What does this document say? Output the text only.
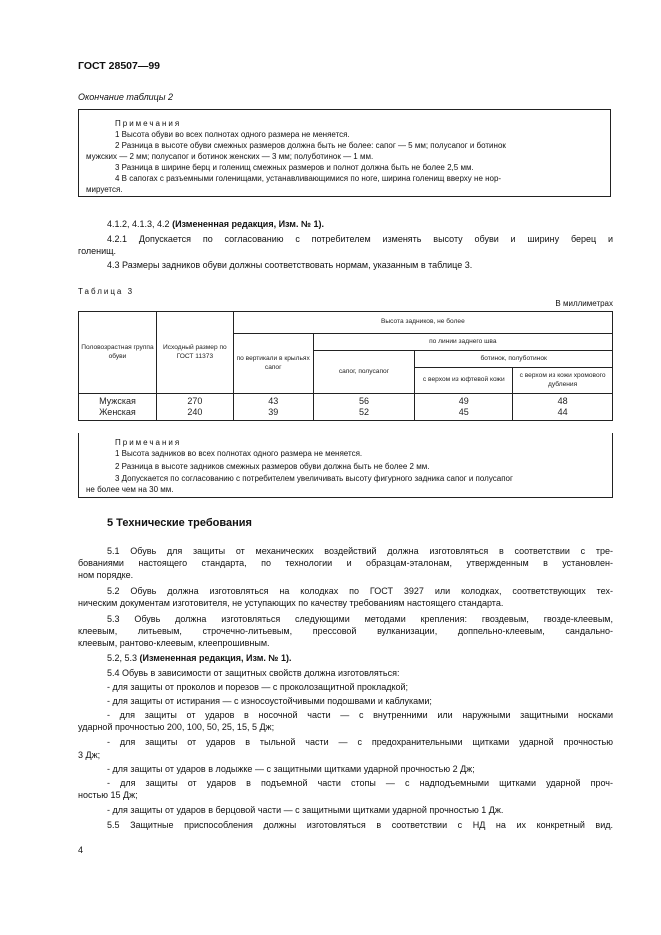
ГОСТ 28507—99
Окончание таблицы 2
Примечания
1 Высота обуви во всех полнотах одного размера не меняется.
2 Разница в высоте обуви смежных размеров должна быть не более: сапог — 5 мм; полусапог и ботинок
мужских — 2 мм; полусапог и ботинок женских — 3 мм; полуботинок — 1 мм.
3 Разница в ширине берц и голенищ смежных размеров и полнот должна быть не более 2,5 мм.
4 В сапогах с разъемными голенищами, устанавливающимися по ноге, ширина голенищ вверху не нор-
мируется.
4.1.2, 4.1.3, 4.2 (Измененная редакция, Изм. № 1).
4.2.1 Допускается по согласованию с потребителем изменять высоту обуви и ширину берец и
голенищ.
4.3 Размеры задников обуви должны соответствовать нормам, указанным в таблице 3.
Таблица 3
В миллиметрах
Половозрастная группа обуви	Исходный размер по ГОСТ 11373	Высота задников, не более			
		по вертикали в крыльях сапог	по линии заднего шва		
			сапог, полусапог	ботинок, полуботинок	
				с верхом из юфтевой кожи	с верхом из кожи хромового дубления
Мужская	270	43	56	49	48
Женская	240	39	52	45	44
Примечания
1 Высота задников во всех полнотах одного размера не меняется.
2 Разница в высоте задников смежных размеров обуви должна быть не более 2 мм.
3 Допускается по согласованию с потребителем увеличивать высоту фигурного задника сапог и полусапог
не более чем на 30 мм.
5 Технические требования
5.1 Обувь для защиты от механических воздействий должна изготовляться в соответствии с тре-
бованиями настоящего стандарта, по технологии и образцам-эталонам, утвержденным в установлен-
ном порядке.
5.2 Обувь должна изготовляться на колодках по ГОСТ 3927 или колодках, соответствующих тех-
ническим документам изготовителя, не уступающих по качеству требованиям настоящего стандарта.
5.3 Обувь должна изготовляться следующими методами крепления: гвоздевым, гвозде-клеевым,
клеевым, литьевым, строчечно-литьевым, прессовой вулканизации, доппельно-клеевым, сандально-
клеевым, рантово-клеевым, клеепрошивным.
5.2, 5.3 (Измененная редакция, Изм. № 1).
5.4 Обувь в зависимости от защитных свойств должна изготовляться:
- для защиты от проколов и порезов — с проколозащитной прокладкой;
- для защиты от истирания — с износоустойчивыми подошвами и каблуками;
- для защиты от ударов в носочной части — с внутренними или наружными защитными носками
ударной прочностью 200, 100, 50, 25, 15, 5 Дж;
- для защиты от ударов в тыльной части — с предохранительными щитками ударной прочностью
3 Дж;
- для защиты от ударов в лодыжке — с защитными щитками ударной прочностью 2 Дж;
- для защиты от ударов в подъемной части стопы — с надподъемными щитками ударной проч-
ностью 15 Дж;
- для защиты от ударов в берцовой части — с защитными щитками ударной прочностью 1 Дж.
5.5 Защитные приспособления должны изготовляться в соответствии с НД на их конкретный вид.
4
